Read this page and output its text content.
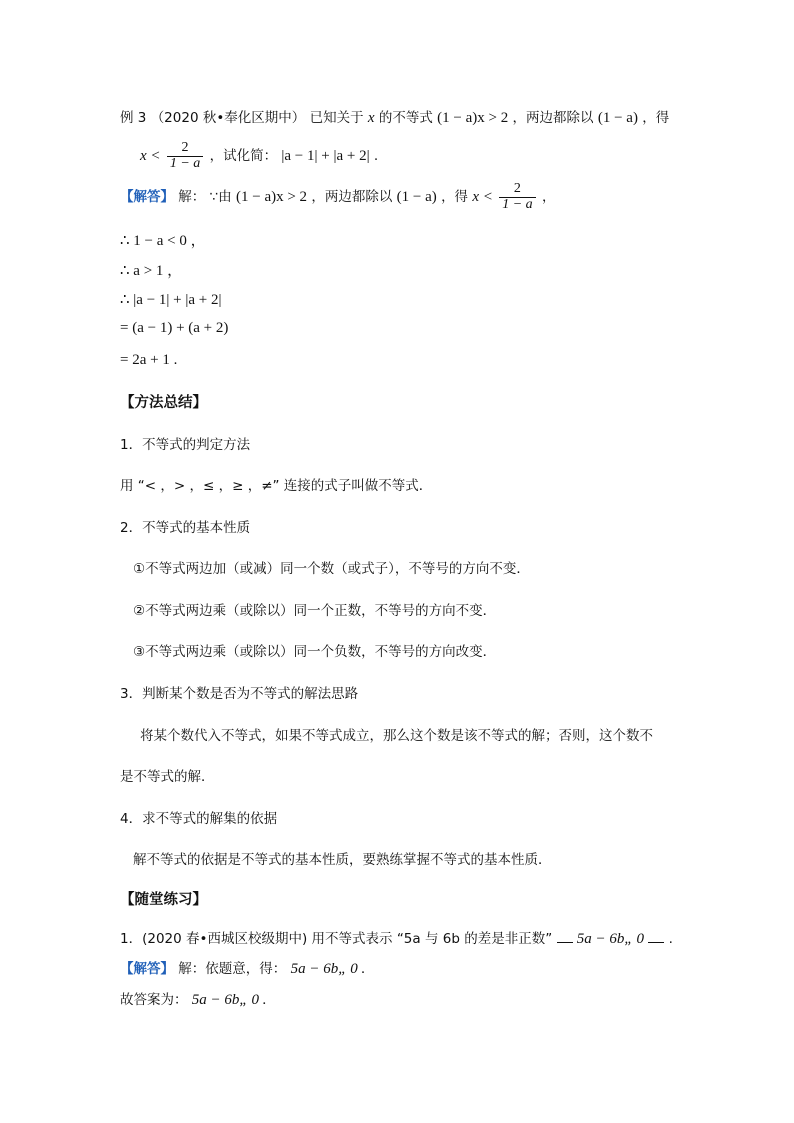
例 3 （2020 秋•奉化区期中） 已知关于 x 的不等式 (1 − a)x > 2 ，两边都除以 (1 − a) ，得
$x < \frac{2}{1 - a}$ ，试化简： |a − 1| + |a + 2| .
【解答】 解： ∵由 (1 − a)x > 2 ，两边都除以 (1 − a) ，得 $x < \frac{2}{1 - a}$ ，
∴ 1 − a < 0 ，
∴ a > 1 ，
∴ |a − 1| + |a + 2|
= (a − 1) + (a + 2)
= 2a + 1 .
【方法总结】
1．不等式的判定方法
用 “< ，> ，≤ ，≥ ，≠” 连接的式子叫做不等式．
2．不等式的基本性质
①不等式两边加（或减）同一个数（或式子），不等号的方向不变．
②不等式两边乘（或除以）同一个正数，不等号的方向不变．
③不等式两边乘（或除以）同一个负数，不等号的方向改变．
3．判断某个数是否为不等式的解法思路
将某个数代入不等式，如果不等式成立，那么这个数是该不等式的解；否则，这个数不
是不等式的解．
4．求不等式的解集的依据
解不等式的依据是不等式的基本性质，要熟练掌握不等式的基本性质．
【随堂练习】
1．(2020 春•西城区校级期中) 用不等式表示 “5a 与 6b 的差是非正数” 5a − 6b„ 0 .
【解答】 解：依题意，得： 5a − 6b„ 0 .
故答案为： 5a − 6b„ 0 .
